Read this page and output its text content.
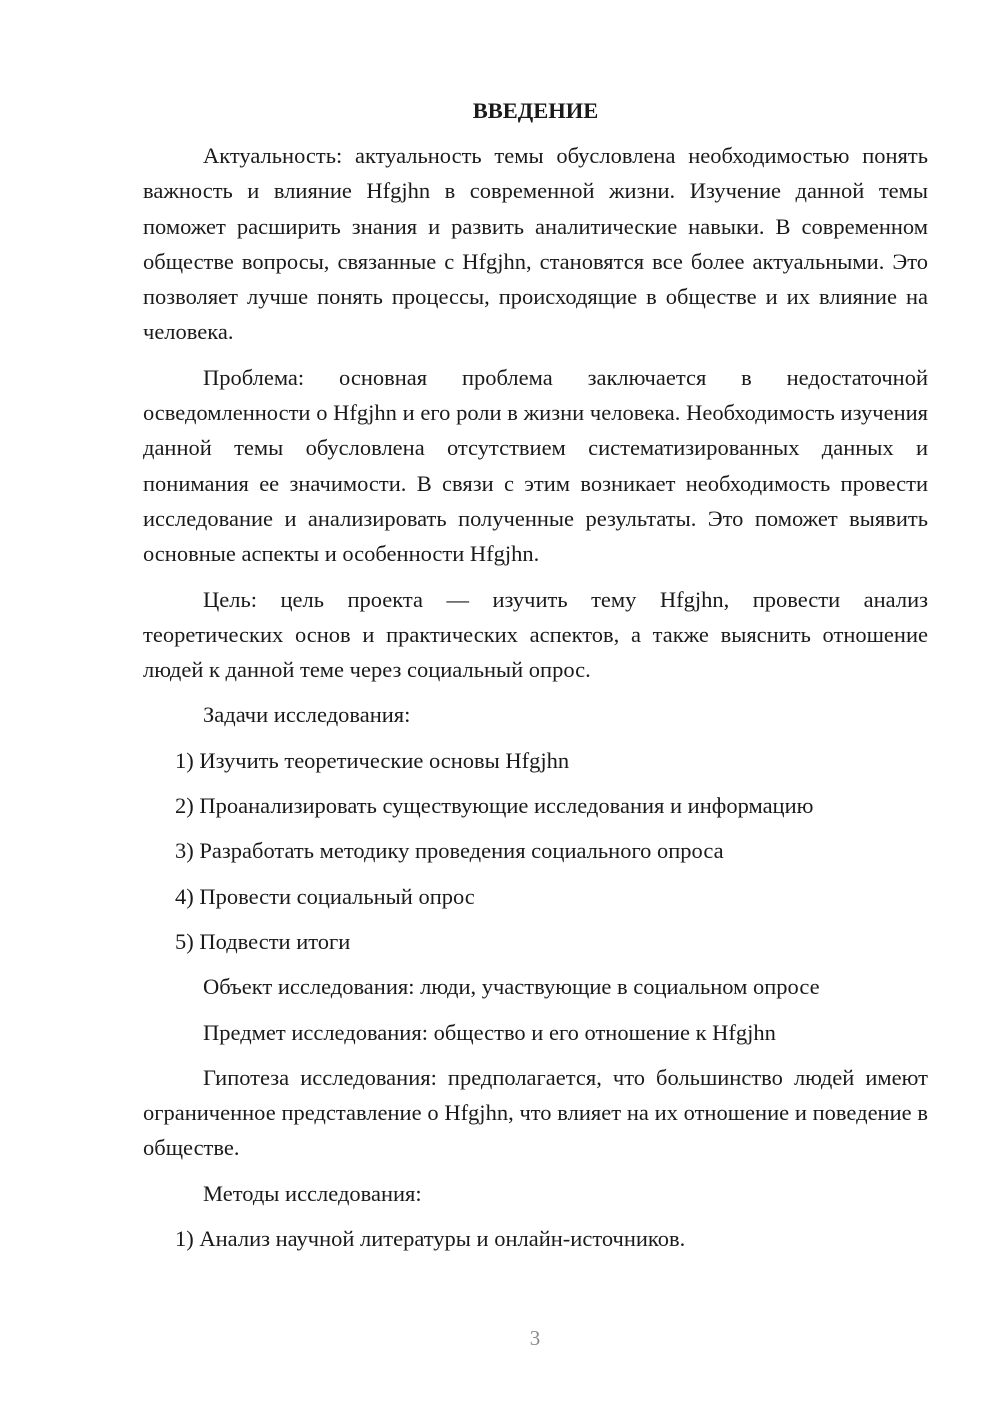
ВВЕДЕНИЕ

Актуальность: актуальность темы обусловлена необходимостью понять важность и влияние Hfgjhn в современной жизни. Изучение данной темы поможет расширить знания и развить аналитические навыки. В современном обществе вопросы, связанные с Hfgjhn, становятся все более актуальными. Это позволяет лучше понять процессы, происходящие в обществе и их влияние на человека.

Проблема: основная проблема заключается в недостаточной осведомленности о Hfgjhn и его роли в жизни человека. Необходимость изучения данной темы обусловлена отсутствием систематизированных данных и понимания ее значимости. В связи с этим возникает необходимость провести исследование и анализировать полученные результаты. Это поможет выявить основные аспекты и особенности Hfgjhn.

Цель: цель проекта — изучить тему Hfgjhn, провести анализ теоретических основ и практических аспектов, а также выяснить отношение людей к данной теме через социальный опрос.

Задачи исследования:
1) Изучить теоретические основы Hfgjhn
2) Проанализировать существующие исследования и информацию
3) Разработать методику проведения социального опроса
4) Провести социальный опрос
5) Подвести итоги
Объект исследования: люди, участвующие в социальном опросе
Предмет исследования: общество и его отношение к Hfgjhn

Гипотеза исследования: предполагается, что большинство людей имеют ограниченное представление о Hfgjhn, что влияет на их отношение и поведение в обществе.

Методы исследования:
1) Анализ научной литературы и онлайн-источников.
3
